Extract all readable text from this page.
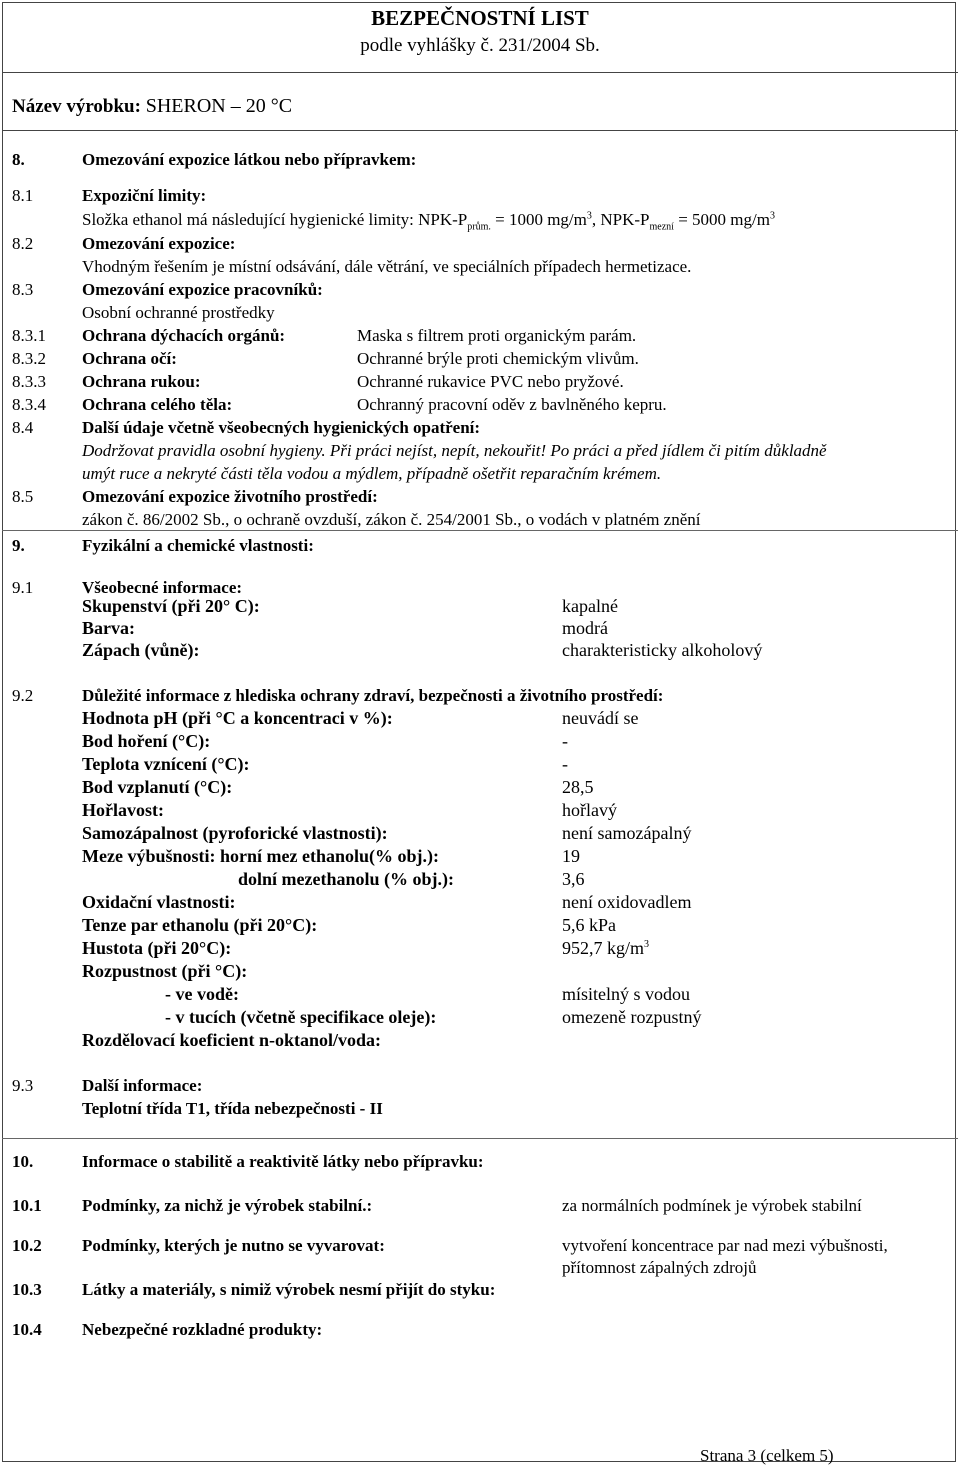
BEZPEČNOSTNÍ LIST
podle vyhlášky č. 231/2004 Sb.
Název výrobku: SHERON – 20 °C
8.	Omezování expozice látkou nebo přípravkem:
8.1	Expoziční limity:
Složka ethanol má následující hygienické limity: NPK-$P_{prům.} = 1000$ $mg/m^3$, NPK-$P_{mezní} = 5000$ $mg/m^3$
8.2	Omezování expozice:
Vhodným řešením je místní odsávání, dále větrání, ve speciálních případech hermetizace.
8.3	Omezování expozice pracovníků:
Osobní ochranné prostředky
8.3.1 Ochrana dýchacích orgánů:	Maska s filtrem proti organickým parám.
8.3.2 Ochrana očí:	Ochranné brýle proti chemickým vlivům.
8.3.3 Ochrana rukou:	Ochranné rukavice PVC nebo pryžové.
8.3.4 Ochrana celého těla:	Ochranný pracovní oděv z bavlněného kepru.
8.4	Další údaje včetně všeobecných hygienických opatření:
Dodržovat pravidla osobní hygieny. Při práci nejíst, nepít, nekouřit! Po práci a před jídlem či pitím důkladně
umýt ruce a nekryté části těla vodou a mýdlem, případně ošetřit reparačním krémem.
8.5	Omezování expozice životního prostředí:
zákon č. 86/2002 Sb., o ochraně ovzduší, zákon č. 254/2001 Sb., o vodách v platném znění
9.	Fyzikální a chemické vlastnosti:
9.1	Všeobecné informace:
Skupenství (při 20° C):	kapalné
Barva:	modrá
Zápach (vůně):	charakteristicky alkoholový
9.2	Důležité informace z hlediska ochrany zdraví, bezpečnosti a životního prostředí:
Hodnota pH (při °C a koncentraci v %):	neuvádí se
Bod hoření (°C):	-
Teplota vznícení (°C):	-
Bod vzplanutí (°C):	28,5
Hořlavost:	hořlavý
Samozápalnost (pyroforické vlastnosti):	není samozápalný
Meze výbušnosti: horní mez ethanolu(% obj.):	19
dolní mezethanolu (% obj.):	3,6
Oxidační vlastnosti:	není oxidovadlem
Tenze par ethanolu (při 20°C):	5,6 kPa
Hustota (při 20°C):	952,7 $kg/m^3$
Rozpustnost (při °C):
- ve vodě:	mísitelný s vodou
- v tucích (včetně specifikace oleje):	omezeně rozpustný
Rozdělovací koeficient n-oktanol/voda:
9.3	Další informace:
Teplotní třída T1, třída nebezpečnosti - II
10.	Informace o stabilitě a reaktivitě látky nebo přípravku:
10.1 Podmínky, za nichž je výrobek stabilní.:	za normálních podmínek je výrobek stabilní
10.2 Podmínky, kterých je nutno se vyvarovat:	vytvoření koncentrace par nad mezi výbušnosti,
přítomnost zápalných zdrojů
10.3 Látky a materiály, s nimiž výrobek nesmí přijít do styku:
10.4 Nebezpečné rozkladné produkty:
Strana 3 (celkem 5)
